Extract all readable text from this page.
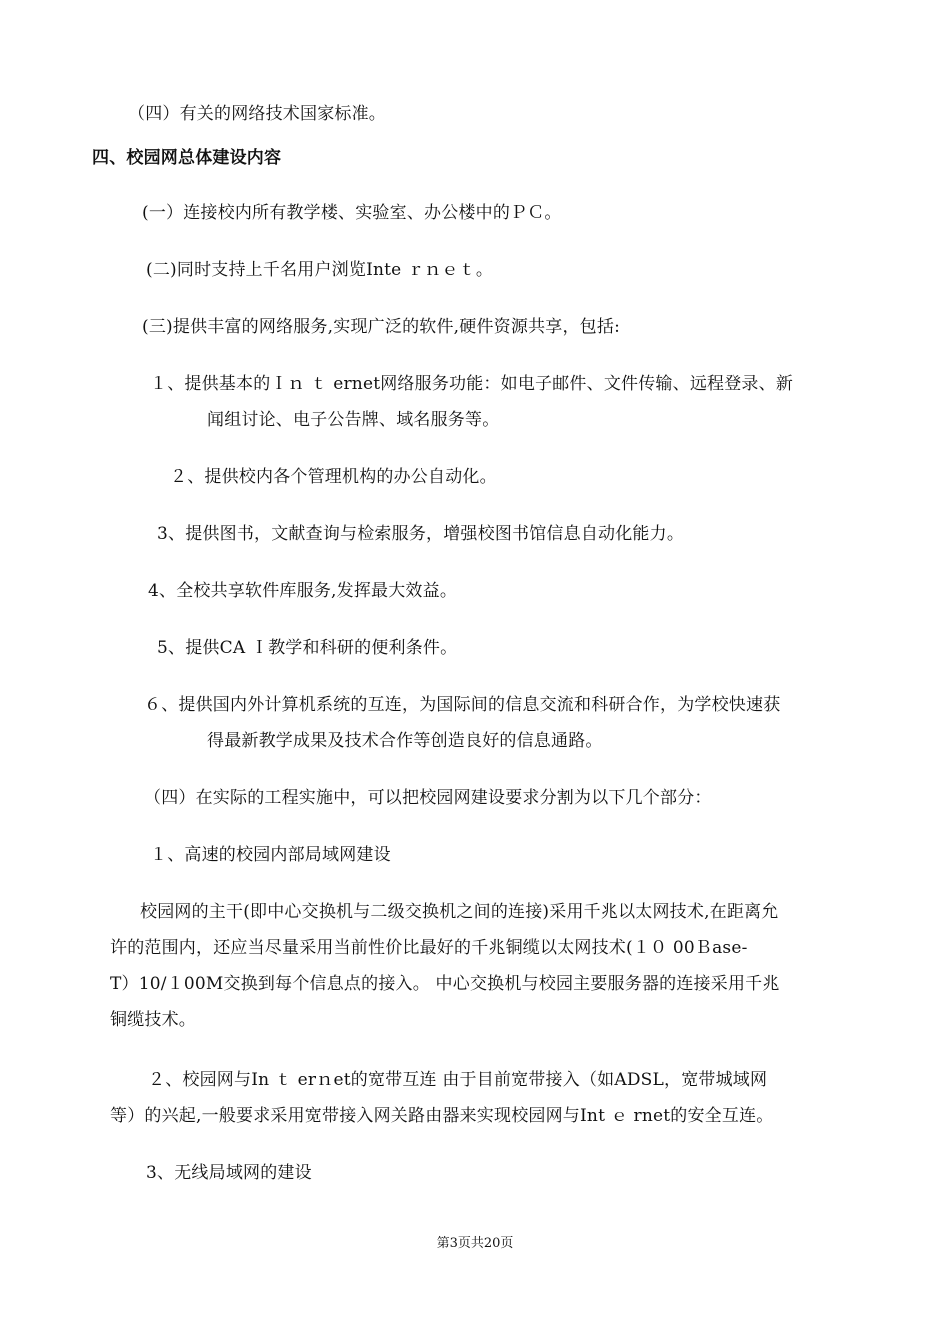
（四）有关的网络技术国家标准。
四、校园网总体建设内容
(一）连接校内所有教学楼、实验室、办公楼中的ＰＣ。
(二)同时支持上千名用户浏览Inte ｒｎｅｔ。
(三)提供丰富的网络服务,实现广泛的软件,硬件资源共享，包括:
１、提供基本的Ｉｎ ｔ ernet网络服务功能：如电子邮件、文件传输、远程登录、新
闻组讨论、电子公告牌、域名服务等。
２、提供校内各个管理机构的办公自动化。
3、提供图书，文献查询与检索服务，增强校图书馆信息自动化能力。
4、全校共享软件库服务,发挥最大效益。
5、提供CA Ｉ教学和科研的便利条件。
６、提供国内外计算机系统的互连，为国际间的信息交流和科研合作，为学校快速获
得最新教学成果及技术合作等创造良好的信息通路。
（四）在实际的工程实施中，可以把校园网建设要求分割为以下几个部分：
１、高速的校园内部局域网建设
校园网的主干(即中心交换机与二级交换机之间的连接)采用千兆以太网技术,在距离允
许的范围内，还应当尽量采用当前性价比最好的千兆铜缆以太网技术(１０ 00Ｂase-
T）10/１00M交换到每个信息点的接入。 中心交换机与校园主要服务器的连接采用千兆
铜缆技术。
２、校园网与In ｔ erｎet的宽带互连 由于目前宽带接入（如ADSL，宽带城域网
等）的兴起,一般要求采用宽带接入网关路由器来实现校园网与Int ｅ rnet的安全互连。
3、无线局域网的建设
第3页共20页
